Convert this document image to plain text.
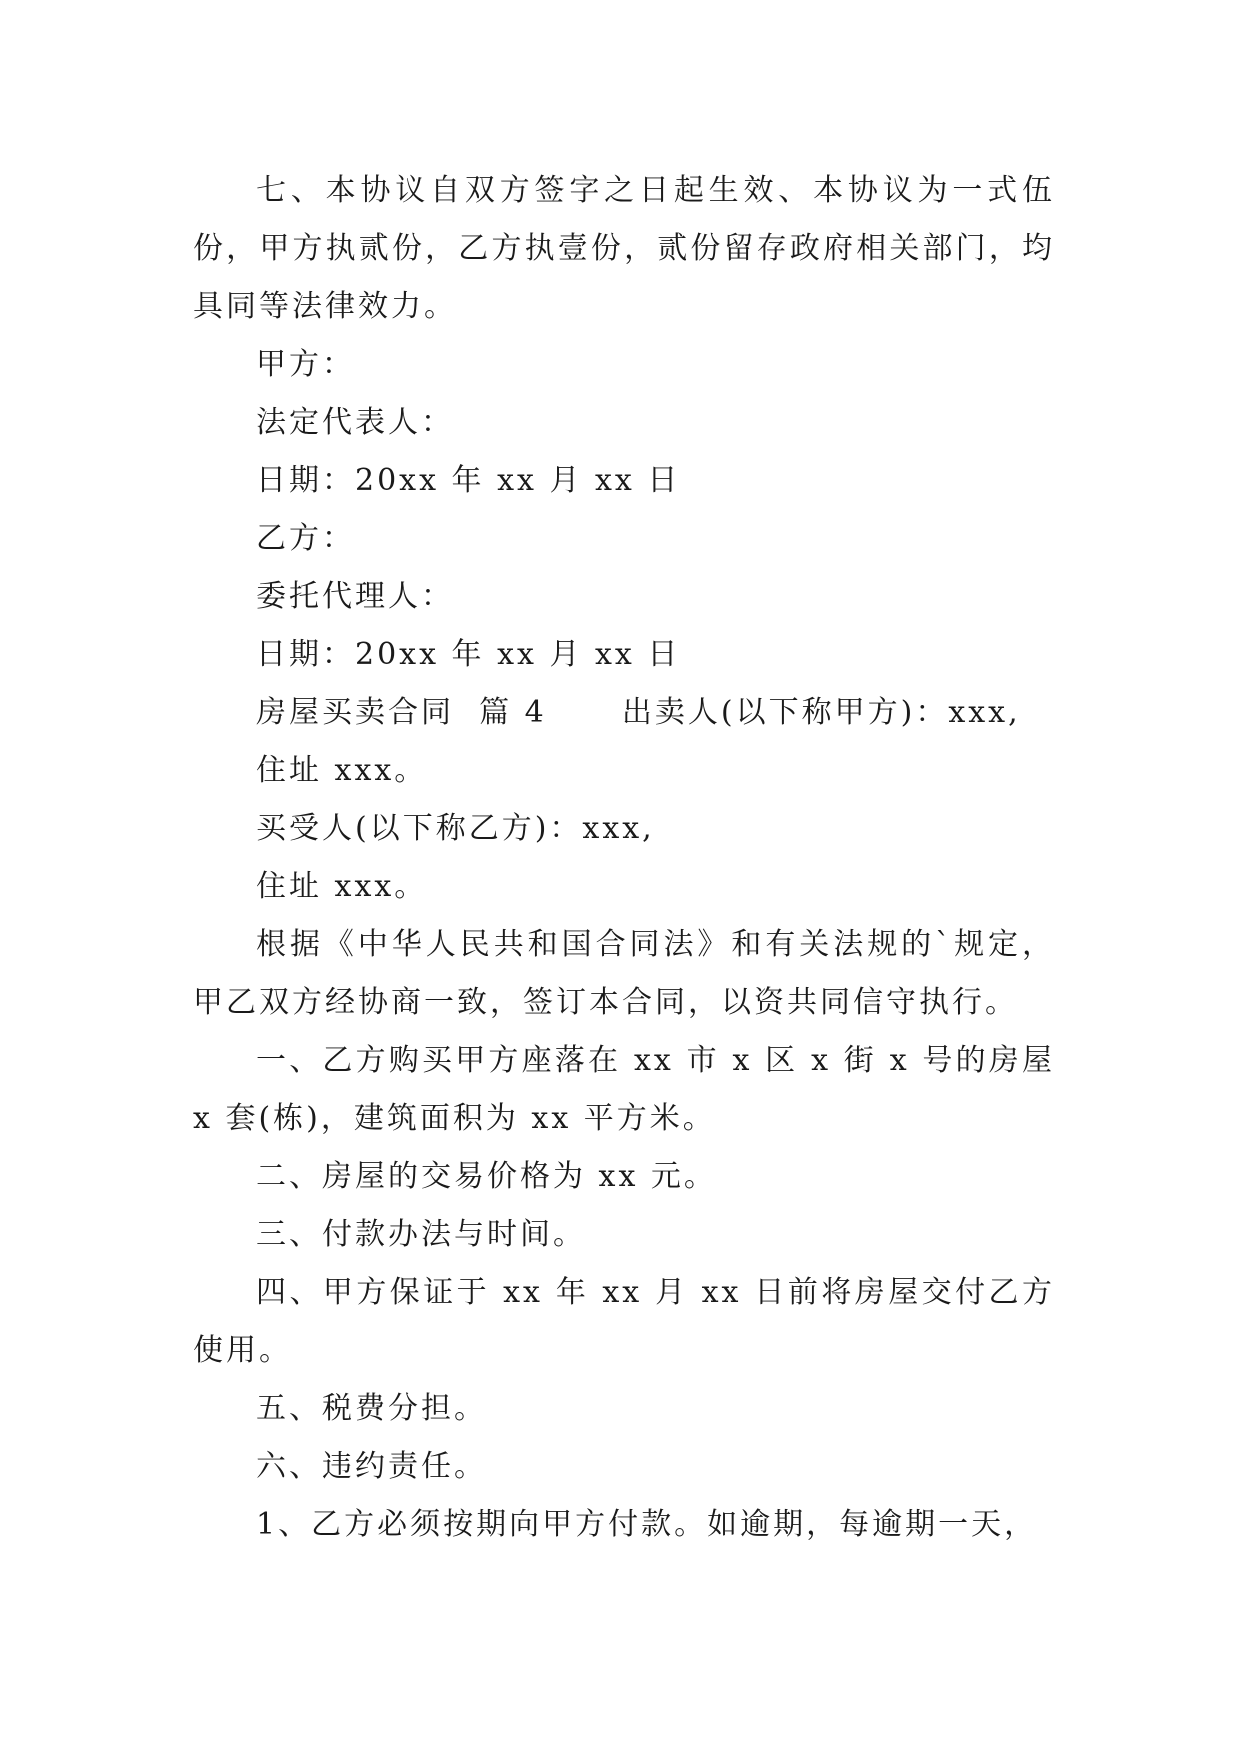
七、本协议自双方签字之日起生效、本协议为一式伍份，甲方执贰份，乙方执壹份，贰份留存政府相关部门，均具同等法律效力。

甲方：

法定代表人：

日期：20xx 年 xx 月 xx 日

乙方：

委托代理人：

日期：20xx 年 xx 月 xx 日

房屋买卖合同  篇 4      出卖人(以下称甲方)：xxx,

住址 xxx。

买受人(以下称乙方)：xxx,

住址 xxx。

根据《中华人民共和国合同法》和有关法规的`规定，甲乙双方经协商一致，签订本合同，以资共同信守执行。

一、乙方购买甲方座落在 xx 市 x 区 x 街 x 号的房屋 x 套(栋)，建筑面积为 xx 平方米。

二、房屋的交易价格为 xx 元。

三、付款办法与时间。

四、甲方保证于 xx 年 xx 月 xx 日前将房屋交付乙方使用。

五、税费分担。

六、违约责任。

1、乙方必须按期向甲方付款。如逾期，每逾期一天，
